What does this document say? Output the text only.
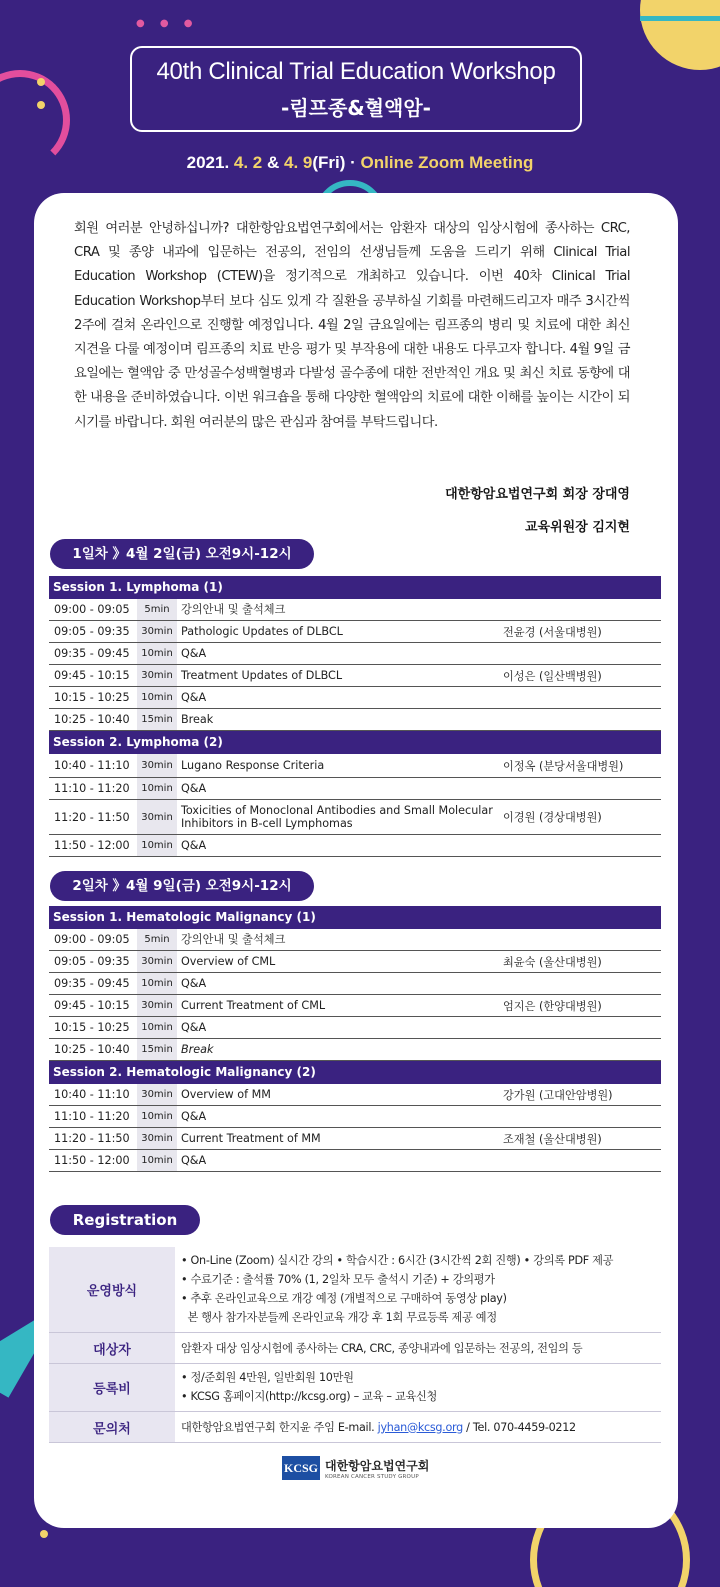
● ● ●
40th Clinical Trial Education Workshop
-림프종&혈액암-
2021. 4. 2 & 4. 9(Fri) · Online Zoom Meeting

회원 여러분 안녕하십니까? 대한항암요법연구회에서는 암환자 대상의 임상시험에 종사하는 CRC, CRA 및 종양 내과에 입문하는 전공의, 전임의 선생님들께 도움을 드리기 위해 Clinical Trial Education Workshop (CTEW)을 정기적으로 개최하고 있습니다. 이번 40차 Clinical Trial Education Workshop부터 보다 심도 있게 각 질환을 공부하실 기회를 마련해드리고자 매주 3시간씩 2주에 걸쳐 온라인으로 진행할 예정입니다. 4월 2일 금요일에는 림프종의 병리 및 치료에 대한 최신 지견을 다룰 예정이며 림프종의 치료 반응 평가 및 부작용에 대한 내용도 다루고자 합니다. 4월 9일 금요일에는 혈액암 중 만성골수성백혈병과 다발성 골수종에 대한 전반적인 개요 및 최신 치료 동향에 대한 내용을 준비하였습니다. 이번 워크숍을 통해 다양한 혈액암의 치료에 대한 이해를 높이는 시간이 되시기를 바랍니다. 회원 여러분의 많은 관심과 참여를 부탁드립니다.

대한항암요법연구회 회장 장대영
교육위원장 김지현
1일차 》4월 2일(금) 오전9시-12시
Session 1. Lymphoma (1)
09:00 - 09:05	5min	강의안내 및 출석체크
09:05 - 09:35	30min Pathologic Updates of DLBCL	전윤경 (서울대병원)
09:35 - 09:45	10min Q&A
09:45 - 10:15	30min Treatment Updates of DLBCL	이성은 (일산백병원)
10:15 - 10:25	10min Q&A
10:25 - 10:40	15min Break
Session 2. Lymphoma (2)
10:40 - 11:10	30min Lugano Response Criteria	이정옥 (분당서울대병원)
11:10 - 11:20	10min Q&A
11:20 - 11:50	30min Toxicities of Monoclonal Antibodies and Small Molecular Inhibitors in B-cell Lymphomas	이경원 (경상대병원)
11:50 - 12:00	10min Q&A
2일차 》4월 9일(금) 오전9시-12시
Session 1. Hematologic Malignancy (1)
09:00 - 09:05	5min	강의안내 및 출석체크
09:05 - 09:35	30min Overview of CML	최윤숙 (울산대병원)
09:35 - 09:45	10min Q&A
09:45 - 10:15	30min Current Treatment of CML	엄지은 (한양대병원)
10:15 - 10:25	10min Q&A
10:25 - 10:40	15min Break
Session 2. Hematologic Malignancy (2)
10:40 - 11:10	30min Overview of MM	강가원 (고대안암병원)
11:10 - 11:20	10min Q&A
11:20 - 11:50	30min Current Treatment of MM	조재철 (울산대병원)
11:50 - 12:00	10min Q&A
Registration
운영방식
• On-Line (Zoom) 실시간 강의 • 학습시간 : 6시간 (3시간씩 2회 진행) • 강의록 PDF 제공
• 수료기준 : 출석률 70% (1, 2일차 모두 출석시 기준) + 강의평가
• 추후 온라인교육으로 개강 예정 (개별적으로 구매하여 동영상 play)
본 행사 참가자분들께 온라인교육 개강 후 1회 무료등록 제공 예정
대상자	암환자 대상 임상시험에 종사하는 CRA, CRC, 종양내과에 입문하는 전공의, 전임의 등
등록비
• 정/준회원 4만원, 일반회원 10만원
• KCSG 홈페이지(http://kcsg.org) – 교육 – 교육신청
문의처	대한항암요법연구회 한지윤 주임 E-mail. jyhan@kcsg.org / Tel. 070-4459-0212
KCSG 대한항암요법연구회
KOREAN CANCER STUDY GROUP
